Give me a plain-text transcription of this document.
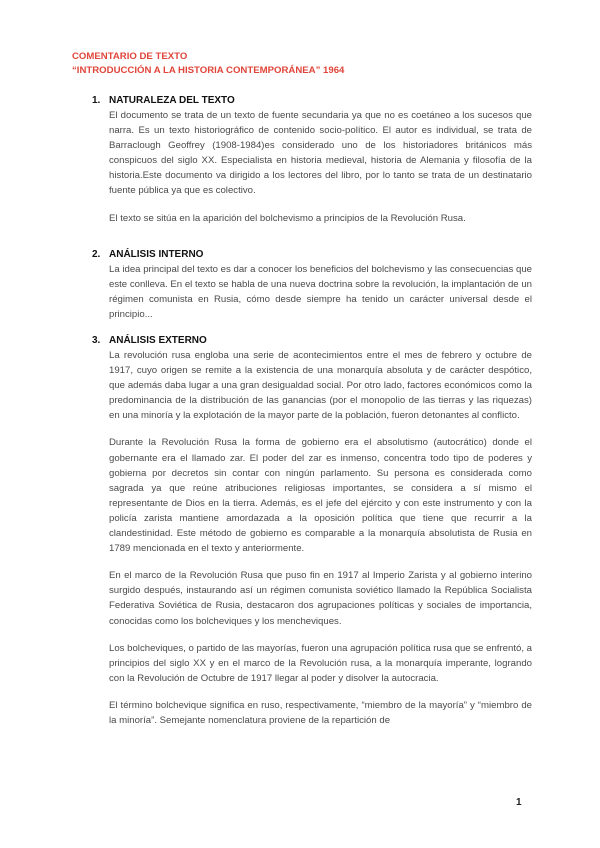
COMENTARIO DE TEXTO
“INTRODUCCIÓN A LA HISTORIA CONTEMPORÁNEA” 1964
1. NATURALEZA DEL TEXTO

El documento se trata de un texto de fuente secundaria ya que no es coetáneo a los sucesos que narra. Es un texto historiográfico de contenido socio-político. El autor es individual, se trata de Barraclough Geoffrey (1908-1984)es considerado uno de los historiadores británicos más conspicuos del siglo XX. Especialista en historia medieval, historia de Alemania y filosofía de la historia.Este documento va dirigido a los lectores del libro, por lo tanto se trata de un destinatario fuente pública ya que es colectivo.

El texto se sitúa en la aparición del bolchevismo a principios de la Revolución Rusa.

2. ANÁLISIS INTERNO

La idea principal del texto es dar a conocer los beneficios del bolchevismo y las consecuencias que este conlleva. En el texto se habla de una nueva doctrina sobre la revolución, la implantación de un régimen comunista en Rusia, cómo desde siempre ha tenido un carácter universal desde el principio...

3. ANÁLISIS EXTERNO

La revolución rusa engloba una serie de acontecimientos entre el mes de febrero y octubre de 1917, cuyo origen se remite a la existencia de una monarquía absoluta y de carácter despótico, que además daba lugar a una gran desigualdad social. Por otro lado, factores económicos como la predominancia de la distribución de las ganancias (por el monopolio de las tierras y las riquezas) en una minoría y la explotación de la mayor parte de la población, fueron detonantes al conflicto.

Durante la Revolución Rusa la forma de gobierno era el absolutismo (autocrático) donde el gobernante era el llamado zar. El poder del zar es inmenso, concentra todo tipo de poderes y gobierna por decretos sin contar con ningún parlamento. Su persona es considerada como sagrada ya que reúne atribuciones religiosas importantes, se considera a sí mismo el representante de Dios en la tierra. Además, es el jefe del ejército y con este instrumento y con la policía zarista mantiene amordazada a la oposición política que tiene que recurrir a la clandestinidad. Este método de gobierno es comparable a la monarquía absolutista de Rusia en 1789 mencionada en el texto y anteriormente.

En el marco de la Revolución Rusa que puso fin en 1917 al Imperio Zarista y al gobierno interino surgido después, instaurando así un régimen comunista soviético llamado la República Socialista Federativa Soviética de Rusia, destacaron dos agrupaciones políticas y sociales de importancia, conocidas como los bolcheviques y los mencheviques.

Los bolcheviques, o partido de las mayorías, fueron una agrupación política rusa que se enfrentó, a principios del siglo XX y en el marco de la Revolución rusa, a la monarquía imperante, logrando con la Revolución de Octubre de 1917 llegar al poder y disolver la autocracia.

El término bolchevique significa en ruso, respectivamente, “miembro de la mayoría” y “miembro de la minoría”. Semejante nomenclatura proviene de la repartición de

1
